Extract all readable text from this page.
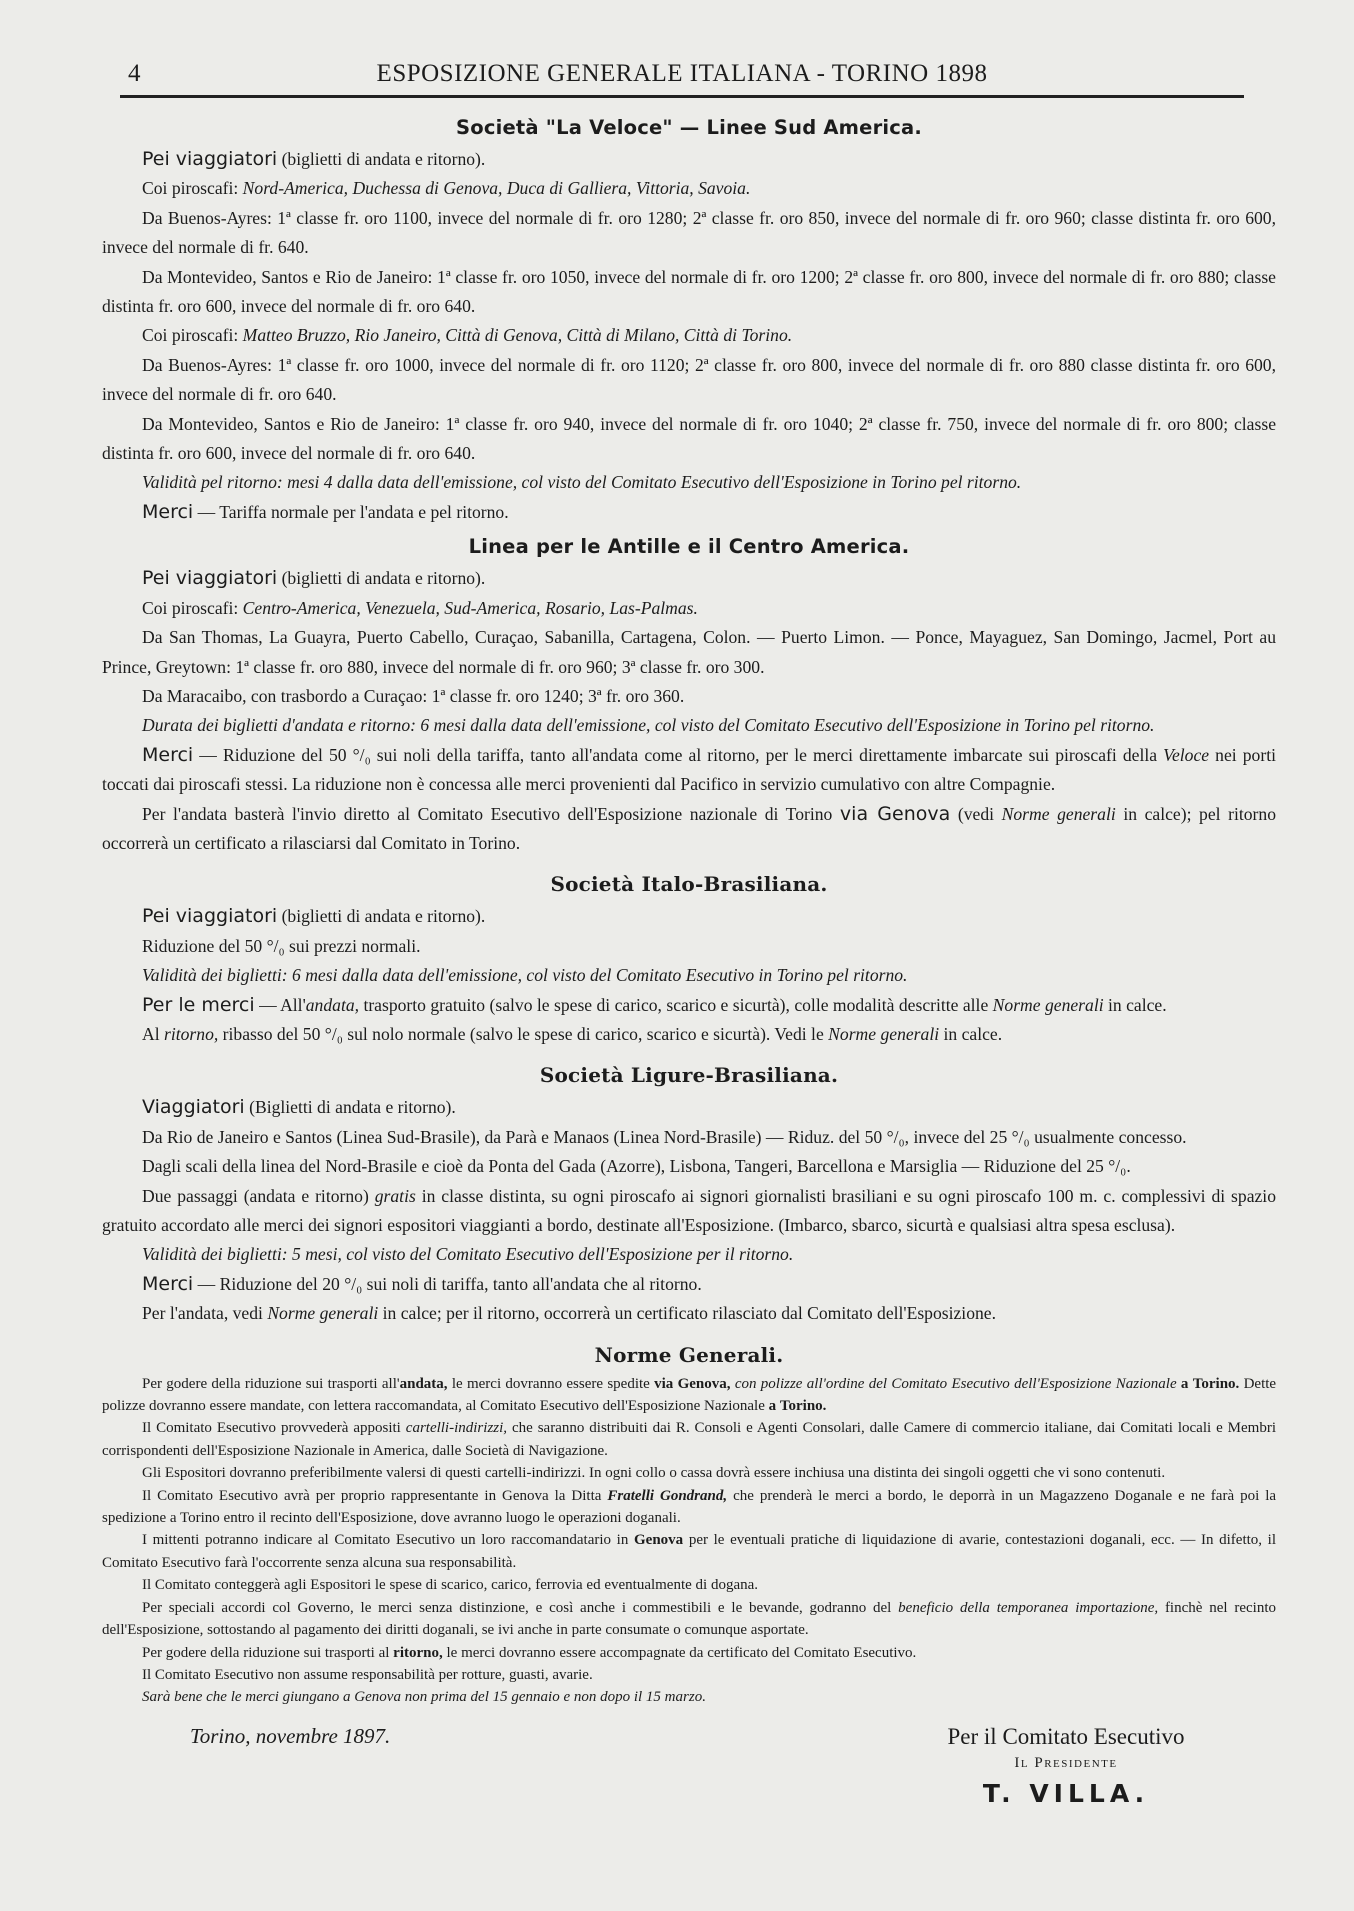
4	ESPOSIZIONE GENERALE ITALIANA - TORINO 1898
Società "La Veloce" — Linee Sud America.

Pei viaggiatori (biglietti di andata e ritorno).

Coi piroscafi: Nord-America, Duchessa di Genova, Duca di Galliera, Vittoria, Savoia.

Da Buenos-Ayres: 1ª classe fr. oro 1100, invece del normale di fr. oro 1280; 2ª classe fr. oro 850, invece del normale di fr. oro 960; classe distinta fr. oro 600, invece del normale di fr. 640.

Da Montevideo, Santos e Rio de Janeiro: 1ª classe fr. oro 1050, invece del normale di fr. oro 1200; 2ª classe fr. oro 800, invece del normale di fr. oro 880; classe distinta fr. oro 600, invece del normale di fr. oro 640.

Coi piroscafi: Matteo Bruzzo, Rio Janeiro, Città di Genova, Città di Milano, Città di Torino.

Da Buenos-Ayres: 1ª classe fr. oro 1000, invece del normale di fr. oro 1120; 2ª classe fr. oro 800, invece del normale di fr. oro 880 classe distinta fr. oro 600, invece del normale di fr. oro 640.

Da Montevideo, Santos e Rio de Janeiro: 1ª classe fr. oro 940, invece del normale di fr. oro 1040; 2ª classe fr. 750, invece del normale di fr. oro 800; classe distinta fr. oro 600, invece del normale di fr. oro 640.

Validità pel ritorno: mesi 4 dalla data dell'emissione, col visto del Comitato Esecutivo dell'Esposizione in Torino pel ritorno.

Merci — Tariffa normale per l'andata e pel ritorno.

Linea per le Antille e il Centro America.

Pei viaggiatori (biglietti di andata e ritorno).

Coi piroscafi: Centro-America, Venezuela, Sud-America, Rosario, Las-Palmas.

Da San Thomas, La Guayra, Puerto Cabello, Curaçao, Sabanilla, Cartagena, Colon. — Puerto Limon. — Ponce, Mayaguez, San Domingo, Jacmel, Port au Prince, Greytown: 1ª classe fr. oro 880, invece del normale di fr. oro 960; 3ª classe fr. oro 300.

Da Maracaibo, con trasbordo a Curaçao: 1ª classe fr. oro 1240; 3ª fr. oro 360.

Durata dei biglietti d'andata e ritorno: 6 mesi dalla data dell'emissione, col visto del Comitato Esecutivo dell'Esposizione in Torino pel ritorno.

Merci — Riduzione del 50 °/₀ sui noli della tariffa, tanto all'andata come al ritorno, per le merci direttamente imbarcate sui piroscafi della Veloce nei porti toccati dai piroscafi stessi. La riduzione non è concessa alle merci provenienti dal Pacifico in servizio cumulativo con altre Compagnie.

Per l'andata basterà l'invio diretto al Comitato Esecutivo dell'Esposizione nazionale di Torino via Genova (vedi Norme generali in calce); pel ritorno occorrerà un certificato a rilasciarsi dal Comitato in Torino.

Società Italo-Brasiliana.

Pei viaggiatori (biglietti di andata e ritorno).

Riduzione del 50 °/₀ sui prezzi normali.

Validità dei biglietti: 6 mesi dalla data dell'emissione, col visto del Comitato Esecutivo in Torino pel ritorno.

Per le merci — All'andata, trasporto gratuito (salvo le spese di carico, scarico e sicurtà), colle modalità descritte alle Norme generali in calce.

Al ritorno, ribasso del 50 °/₀ sul nolo normale (salvo le spese di carico, scarico e sicurtà). Vedi le Norme generali in calce.

Società Ligure-Brasiliana.

Viaggiatori (Biglietti di andata e ritorno).

Da Rio de Janeiro e Santos (Linea Sud-Brasile), da Parà e Manaos (Linea Nord-Brasile) — Riduz. del 50 °/₀, invece del 25 °/₀ usualmente concesso.

Dagli scali della linea del Nord-Brasile e cioè da Ponta del Gada (Azorre), Lisbona, Tangeri, Barcellona e Marsiglia — Riduzione del 25 °/₀.

Due passaggi (andata e ritorno) gratis in classe distinta, su ogni piroscafo ai signori giornalisti brasiliani e su ogni piroscafo 100 m. c. complessivi di spazio gratuito accordato alle merci dei signori espositori viaggianti a bordo, destinate all'Esposizione. (Imbarco, sbarco, sicurtà e qualsiasi altra spesa esclusa).

Validità dei biglietti: 5 mesi, col visto del Comitato Esecutivo dell'Esposizione per il ritorno.

Merci — Riduzione del 20 °/₀ sui noli di tariffa, tanto all'andata che al ritorno.

Per l'andata, vedi Norme generali in calce; per il ritorno, occorrerà un certificato rilasciato dal Comitato dell'Esposizione.

Norme Generali.

Per godere della riduzione sui trasporti all'andata, le merci dovranno essere spedite via Genova, con polizze all'ordine del Comitato Esecutivo dell'Esposizione Nazionale a Torino. Dette polizze dovranno essere mandate, con lettera raccomandata, al Comitato Esecutivo dell'Esposizione Nazionale a Torino.

Il Comitato Esecutivo provvederà appositi cartelli-indirizzi, che saranno distribuiti dai R. Consoli e Agenti Consolari, dalle Camere di commercio italiane, dai Comitati locali e Membri corrispondenti dell'Esposizione Nazionale in America, dalle Società di Navigazione.

Gli Espositori dovranno preferibilmente valersi di questi cartelli-indirizzi. In ogni collo o cassa dovrà essere inchiusa una distinta dei singoli oggetti che vi sono contenuti.

Il Comitato Esecutivo avrà per proprio rappresentante in Genova la Ditta Fratelli Gondrand, che prenderà le merci a bordo, le deporrà in un Magazzeno Doganale e ne farà poi la spedizione a Torino entro il recinto dell'Esposizione, dove avranno luogo le operazioni doganali.

I mittenti potranno indicare al Comitato Esecutivo un loro raccomandatario in Genova per le eventuali pratiche di liquidazione di avarie, contestazioni doganali, ecc. — In difetto, il Comitato Esecutivo farà l'occorrente senza alcuna sua responsabilità.

Il Comitato conteggerà agli Espositori le spese di scarico, carico, ferrovia ed eventualmente di dogana.

Per speciali accordi col Governo, le merci senza distinzione, e così anche i commestibili e le bevande, godranno del beneficio della temporanea importazione, finchè nel recinto dell'Esposizione, sottostando al pagamento dei diritti doganali, se ivi anche in parte consumate o comunque asportate.

Per godere della riduzione sui trasporti al ritorno, le merci dovranno essere accompagnate da certificato del Comitato Esecutivo.

Il Comitato Esecutivo non assume responsabilità per rotture, guasti, avarie.

Sarà bene che le merci giungano a Genova non prima del 15 gennaio e non dopo il 15 marzo.

Torino, novembre 1897.	Per il Comitato Esecutivo
Il Presidente
T. VILLA.
